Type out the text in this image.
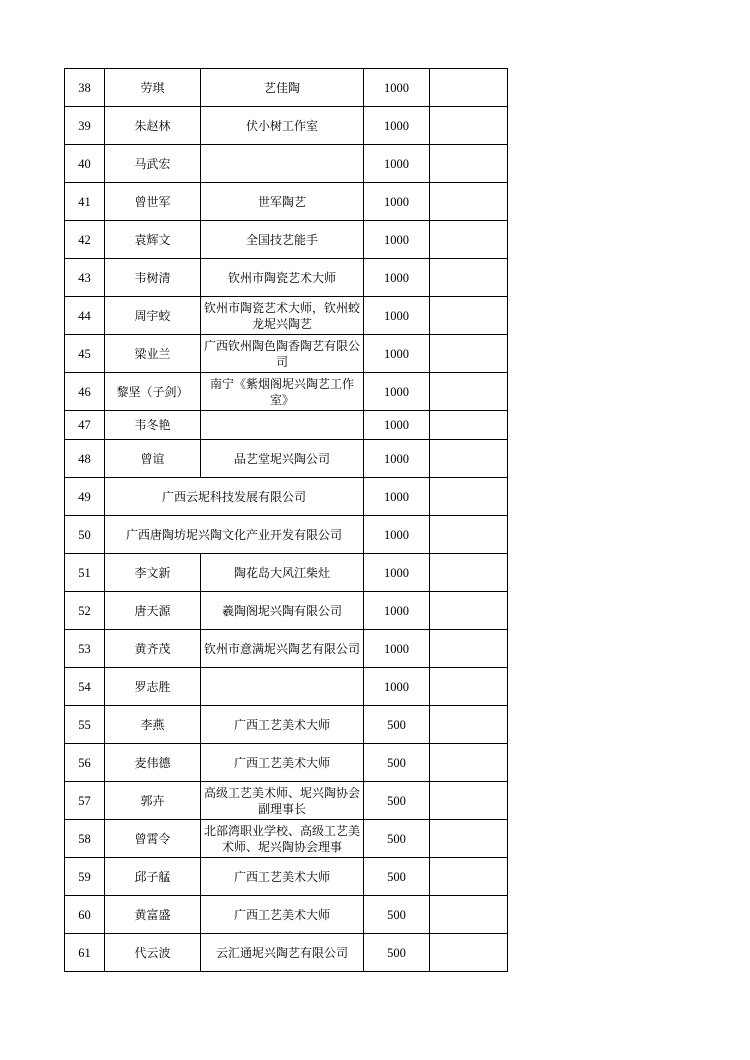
38	劳琪	艺佳陶	1000	
39	朱赵林	伏小树工作室	1000	
40	马武宏		1000	
41	曾世军	世军陶艺	1000	
42	袁辉文	全国技艺能手	1000	
43	韦树清	钦州市陶瓷艺术大师	1000	
44	周宇蛟	钦州市陶瓷艺术大师，钦州蛟龙坭兴陶艺	1000	
45	梁业兰	广西钦州陶色陶香陶艺有限公司	1000	
46	黎坚（子剑）	南宁《紫烟阁坭兴陶艺工作室》	1000	
47	韦冬艳		1000	
48	曾谊	品艺堂坭兴陶公司	1000	
49	广西云坭科技发展有限公司		1000	
50	广西唐陶坊坭兴陶文化产业开发有限公司		1000	
51	李文新	陶花岛大风江柴灶	1000	
52	唐天源	羲陶阁坭兴陶有限公司	1000	
53	黄齐茂	钦州市意满坭兴陶艺有限公司	1000	
54	罗志胜		1000	
55	李燕	广西工艺美术大师	500	
56	麦伟德	广西工艺美术大师	500	
57	郭卉	高级工艺美术师、坭兴陶协会副理事长	500	
58	曾霄令	北部湾职业学校、高级工艺美术师、坭兴陶协会理事	500	
59	邱子艋	广西工艺美术大师	500	
60	黄富盛	广西工艺美术大师	500	
61	代云波	云汇通坭兴陶艺有限公司	500	
